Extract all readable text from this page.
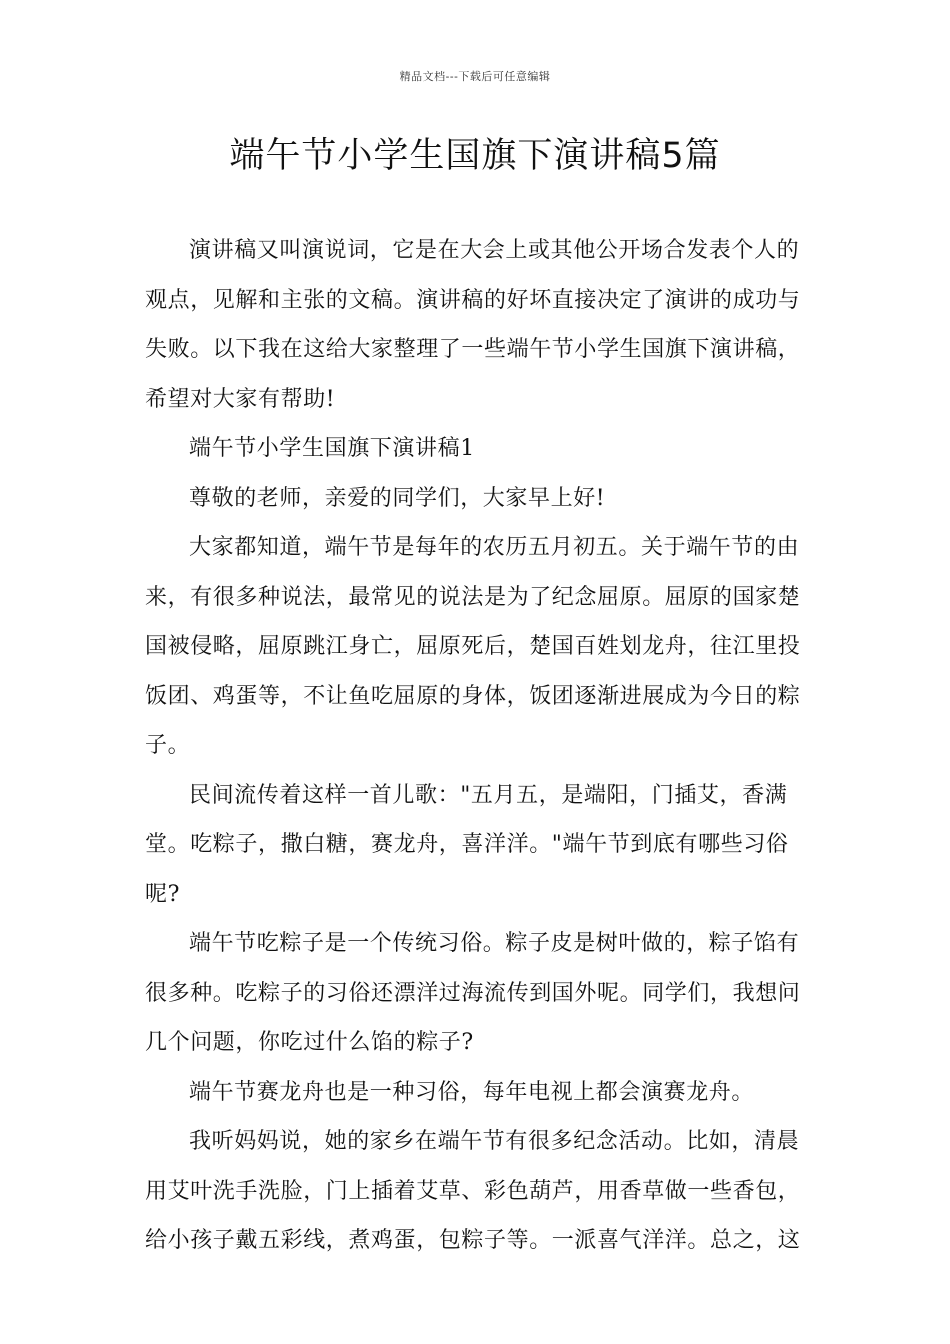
精品文档---下载后可任意编辑
端午节小学生国旗下演讲稿5篇

演讲稿又叫演说词，它是在大会上或其他公开场合发表个人的观点，见解和主张的文稿。演讲稿的好坏直接决定了演讲的成功与失败。以下我在这给大家整理了一些端午节小学生国旗下演讲稿，希望对大家有帮助!

端午节小学生国旗下演讲稿1

尊敬的老师，亲爱的同学们，大家早上好!

大家都知道，端午节是每年的农历五月初五。关于端午节的由来，有很多种说法，最常见的说法是为了纪念屈原。屈原的国家楚国被侵略，屈原跳江身亡，屈原死后，楚国百姓划龙舟，往江里投饭团、鸡蛋等，不让鱼吃屈原的身体，饭团逐渐进展成为今日的粽子。

民间流传着这样一首儿歌："五月五，是端阳，门插艾，香满堂。吃粽子，撒白糖，赛龙舟，喜洋洋。"端午节到底有哪些习俗呢?

端午节吃粽子是一个传统习俗。粽子皮是树叶做的，粽子馅有很多种。吃粽子的习俗还漂洋过海流传到国外呢。同学们，我想问几个问题，你吃过什么馅的粽子?

端午节赛龙舟也是一种习俗，每年电视上都会演赛龙舟。

我听妈妈说，她的家乡在端午节有很多纪念活动。比如，清晨用艾叶洗手洗脸，门上插着艾草、彩色葫芦，用香草做一些香包，给小孩子戴五彩线，煮鸡蛋，包粽子等。一派喜气洋洋。总之，这
